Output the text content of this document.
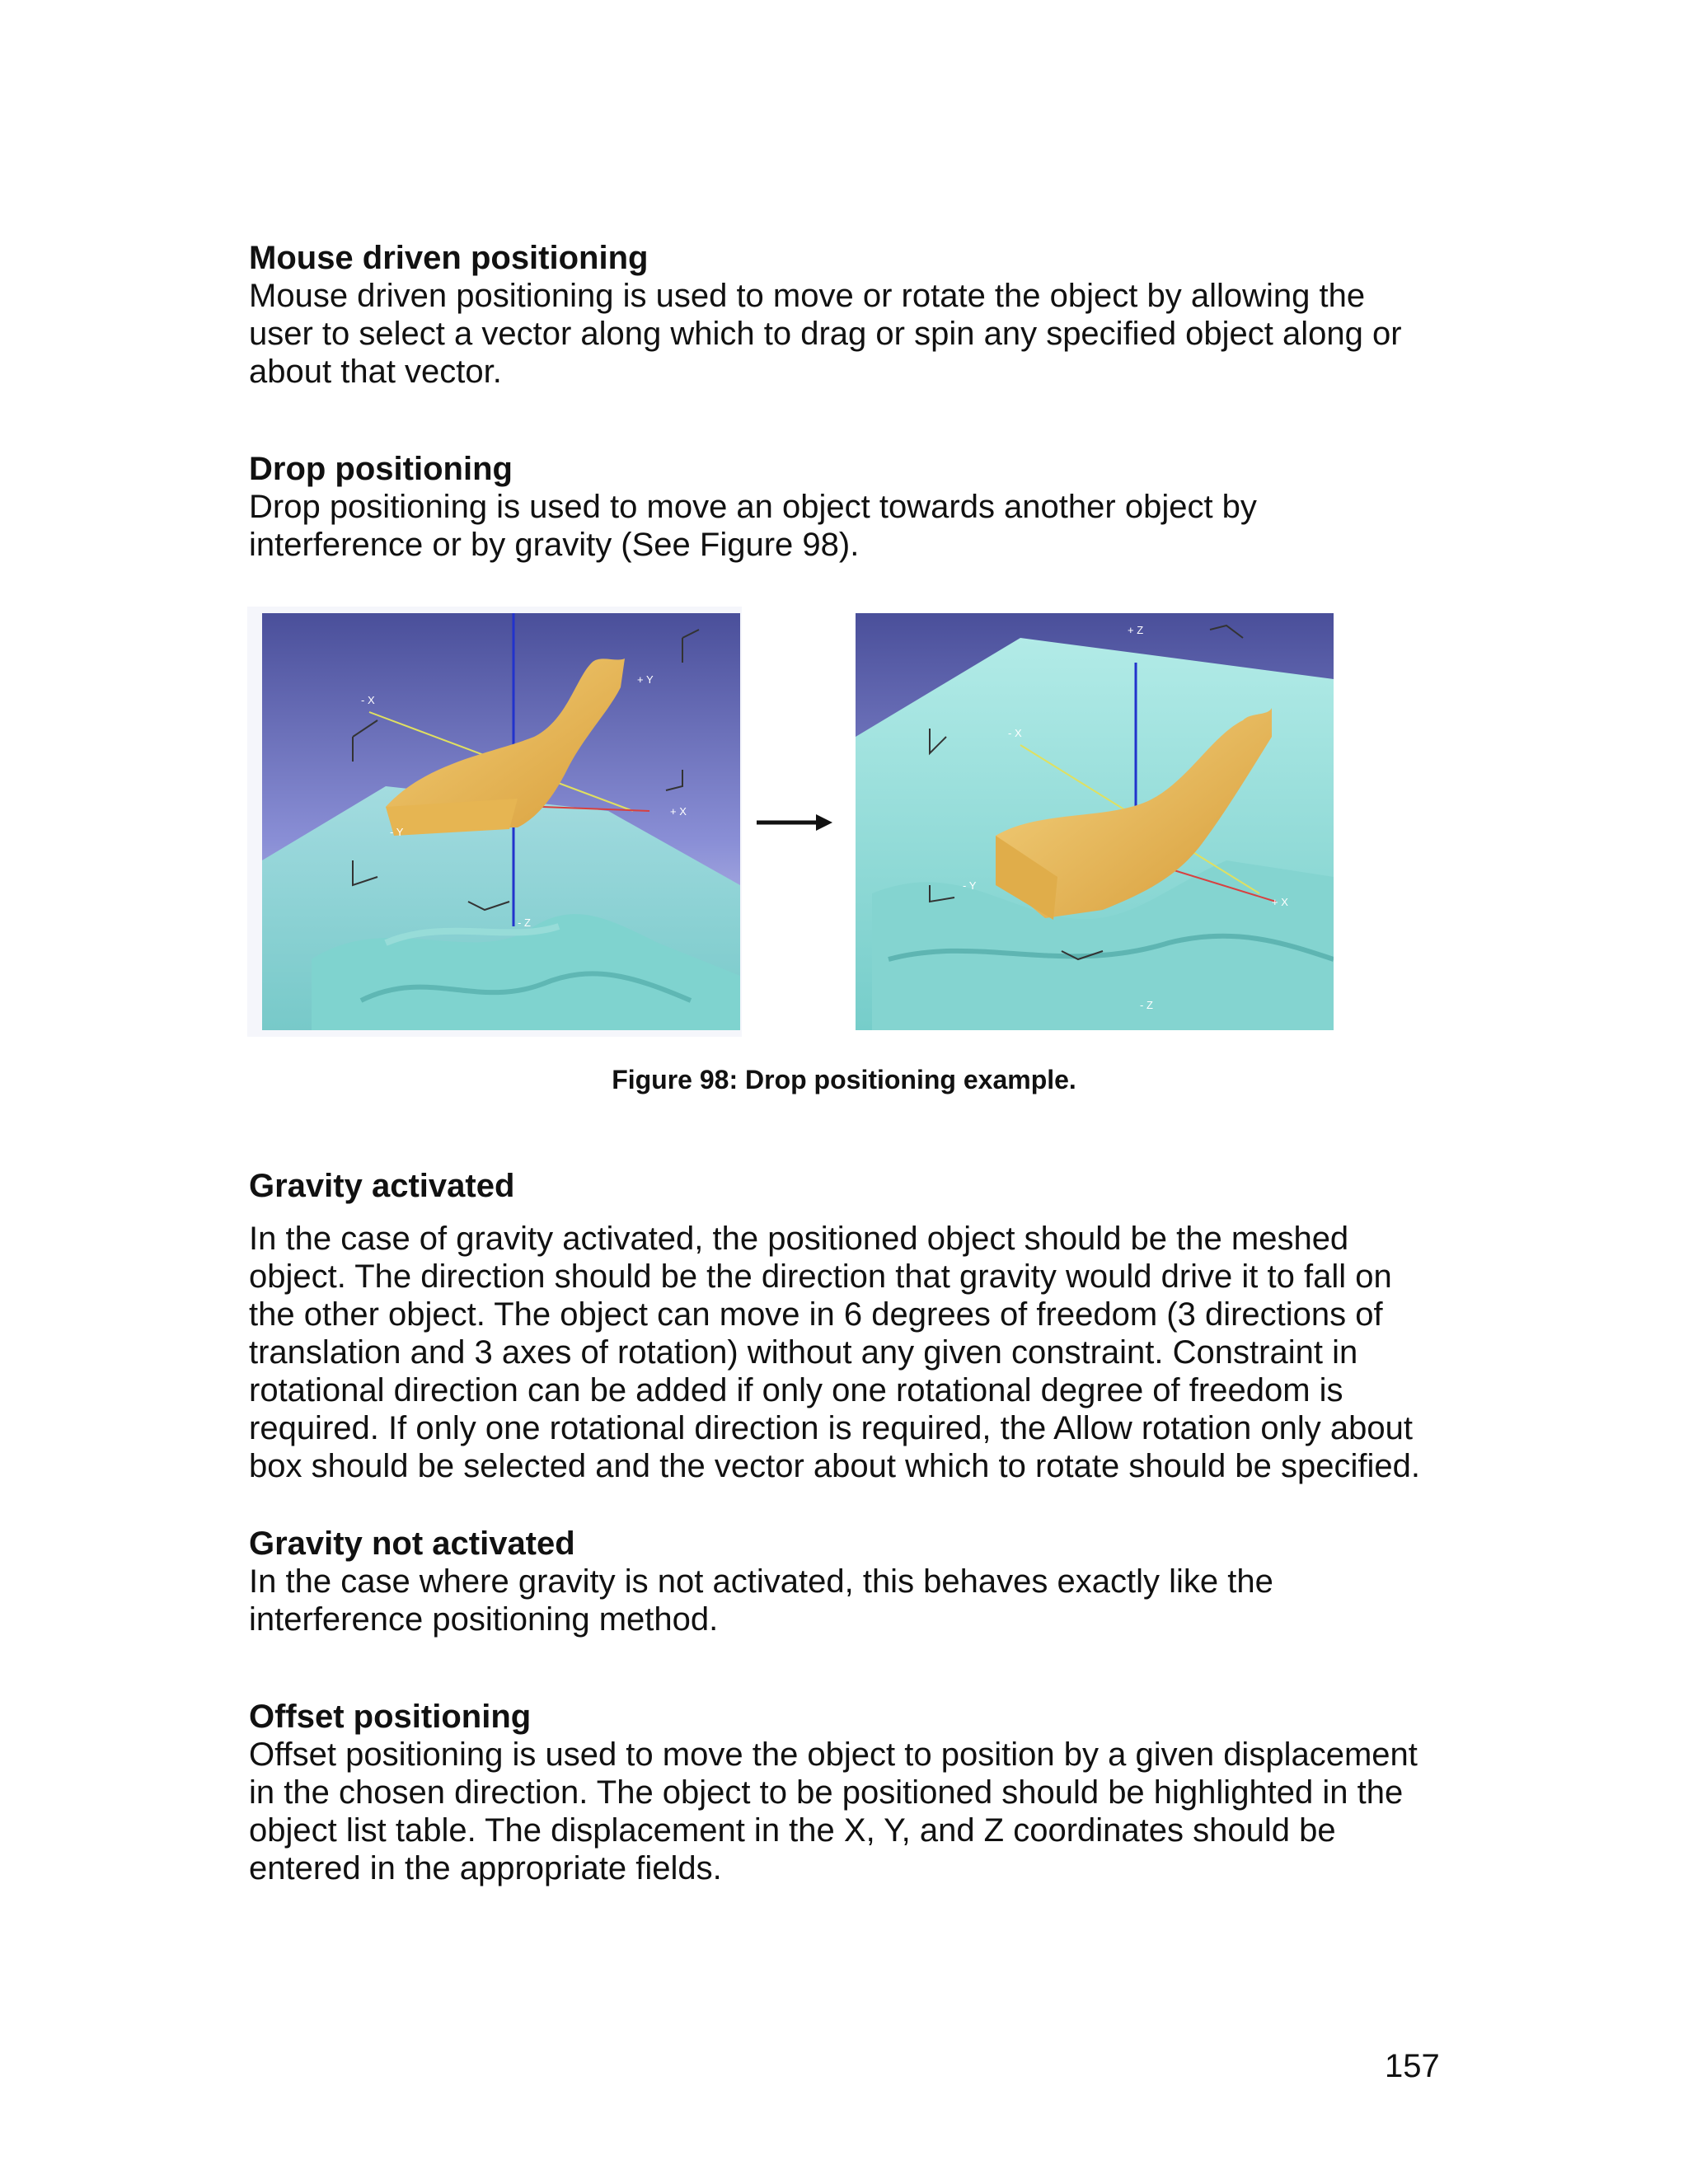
Mouse driven positioning

Mouse driven positioning is used to move or rotate the object by allowing the

user to select a vector along which to drag or spin any specified object along or

about that vector.

Drop positioning

Drop positioning is used to move an object towards another object by

interference or by gravity (See Figure 98).

- X
+ Y
+ X
- Y
- Z
+ Z
- X
- Y
+ X
- Z
Figure 98: Drop positioning example.

Gravity activated

In the case of gravity activated, the positioned object should be the meshed

object. The direction should be the direction that gravity would drive it to fall on

the other object. The object can move in 6 degrees of freedom (3 directions of

translation and 3 axes of rotation) without any given constraint. Constraint in

rotational direction can be added if only one rotational degree of freedom is

required. If only one rotational direction is required, the Allow rotation only about

box should be selected and the vector about which to rotate should be specified.

Gravity not activated

In the case where gravity is not activated, this behaves exactly like the

interference positioning method.

Offset positioning

Offset positioning is used to move the object to position by a given displacement

in the chosen direction. The object to be positioned should be highlighted in the

object list table. The displacement in the X, Y, and Z coordinates should be

entered in the appropriate fields.

157
